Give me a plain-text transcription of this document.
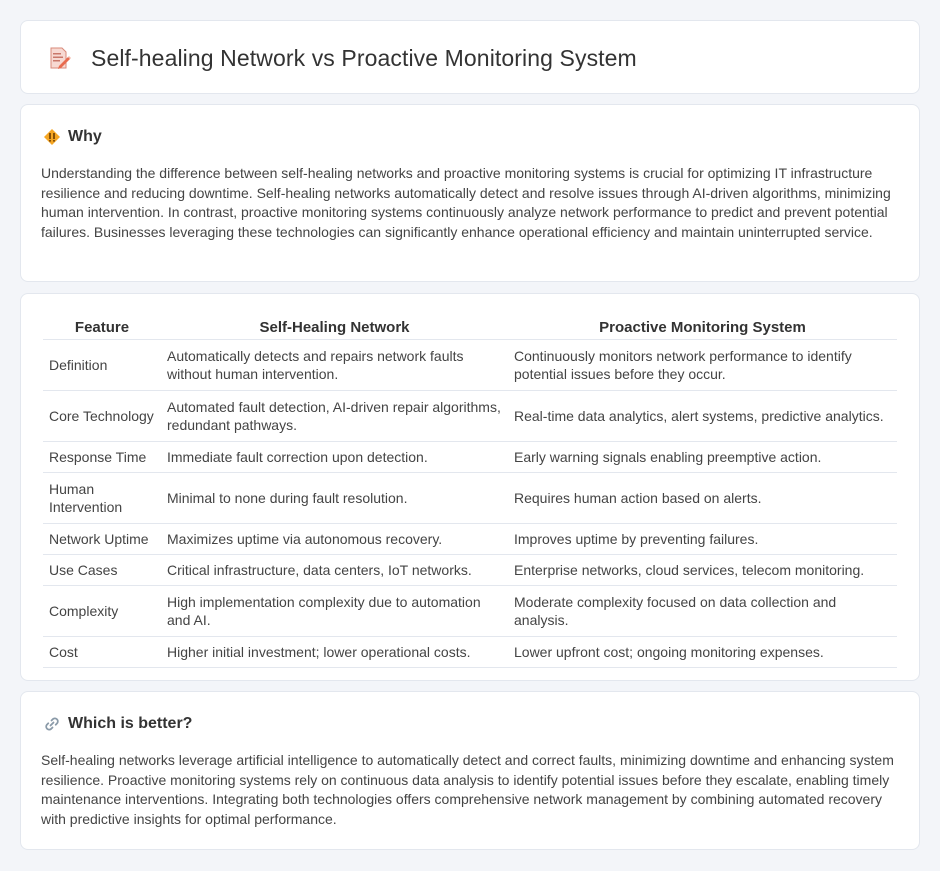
Self-healing Network vs Proactive Monitoring System
Why

Understanding the difference between self-healing networks and proactive monitoring systems is crucial for optimizing IT infrastructure resilience and reducing downtime. Self-healing networks automatically detect and resolve issues through AI-driven algorithms, minimizing human intervention. In contrast, proactive monitoring systems continuously analyze network performance to predict and prevent potential failures. Businesses leveraging these technologies can significantly enhance operational efficiency and maintain uninterrupted service.

Feature	Self-Healing Network	Proactive Monitoring System
Definition	Automatically detects and repairs network faults without human intervention.	Continuously monitors network performance to identify potential issues before they occur.
Core Technology	Automated fault detection, AI-driven repair algorithms, redundant pathways.	Real-time data analytics, alert systems, predictive analytics.
Response Time	Immediate fault correction upon detection.	Early warning signals enabling preemptive action.
Human Intervention	Minimal to none during fault resolution.	Requires human action based on alerts.
Network Uptime	Maximizes uptime via autonomous recovery.	Improves uptime by preventing failures.
Use Cases	Critical infrastructure, data centers, IoT networks.	Enterprise networks, cloud services, telecom monitoring.
Complexity	High implementation complexity due to automation and AI.	Moderate complexity focused on data collection and analysis.
Cost	Higher initial investment; lower operational costs.	Lower upfront cost; ongoing monitoring expenses.
Which is better?

Self-healing networks leverage artificial intelligence to automatically detect and correct faults, minimizing downtime and enhancing system resilience. Proactive monitoring systems rely on continuous data analysis to identify potential issues before they escalate, enabling timely maintenance interventions. Integrating both technologies offers comprehensive network management by combining automated recovery with predictive insights for optimal performance.
